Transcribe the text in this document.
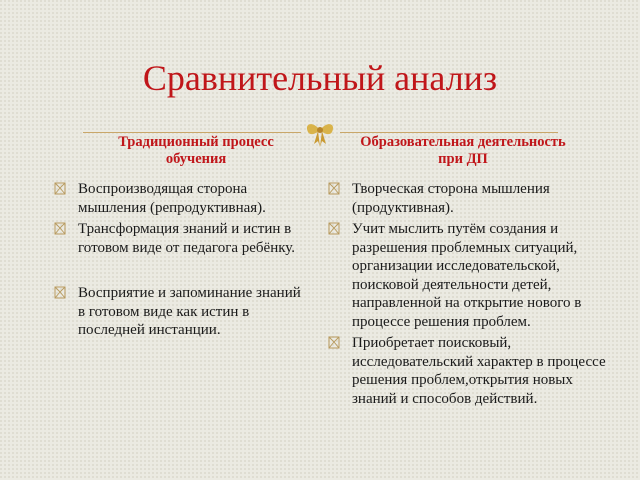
Сравнительный анализ
Традиционный процесс
обучения
Образовательная деятельность
при ДП
Воспроизводящая сторона мышления (репродуктивная).
Трансформация знаний и истин в готовом виде от педагога ребёнку.
Восприятие и запоминание знаний в готовом виде как истин в последней инстанции.
Творческая сторона мышления (продуктивная).
Учит мыслить путём создания и разрешения проблемных ситуаций, организации исследовательской, поисковой деятельности детей, направленной на открытие нового в процессе решения проблем.
Приобретает поисковый, исследовательский характер в процессе решения проблем,открытия новых знаний и способов действий.
